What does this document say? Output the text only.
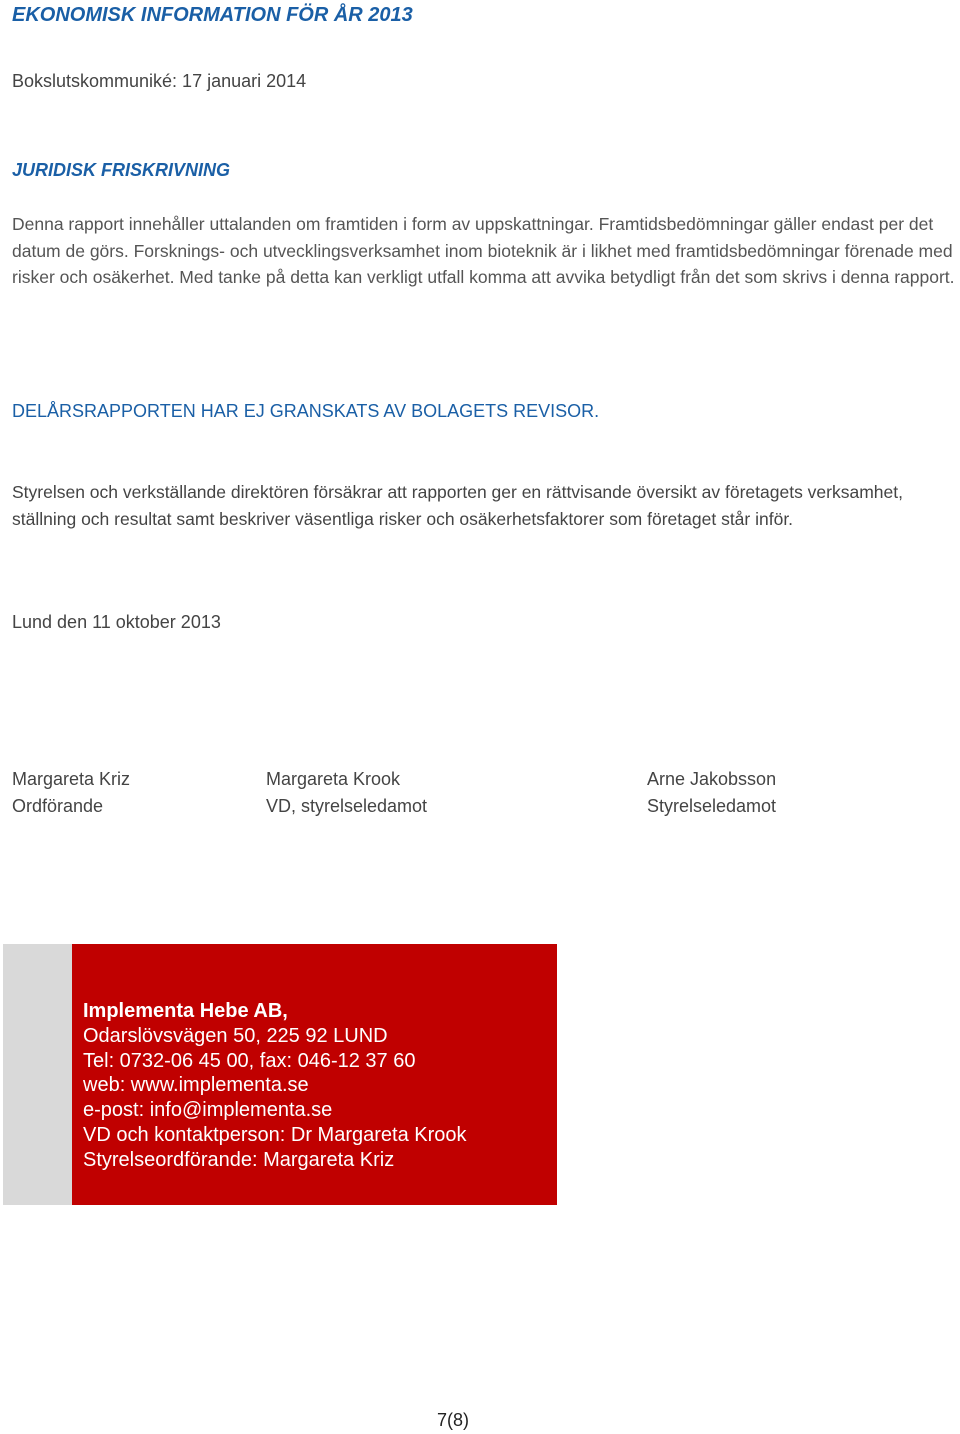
EKONOMISK INFORMATION FÖR ÅR 2013

Bokslutskommuniké: 17 januari 2014

JURIDISK FRISKRIVNING

Denna rapport innehåller uttalanden om framtiden i form av uppskattningar. Framtidsbedömningar gäller endast per det datum de görs. Forsknings- och utvecklingsverksamhet inom bioteknik är i likhet med framtidsbedömningar förenade med risker och osäkerhet. Med tanke på detta kan verkligt utfall komma att avvika betydligt från det som skrivs i denna rapport.

DELÅRSRAPPORTEN HAR EJ GRANSKATS AV BOLAGETS REVISOR.

Styrelsen och verkställande direktören försäkrar att rapporten ger en rättvisande översikt av företagets verksamhet, ställning och resultat samt beskriver väsentliga risker och osäkerhetsfaktorer som företaget står inför.

Lund den 11 oktober 2013

Margareta Kriz
Ordförande
Margareta Krook
VD, styrelseledamot
Arne Jakobsson
Styrelseledamot
Implementa Hebe AB,
Odarslövsvägen 50, 225 92 LUND
Tel: 0732-06 45 00, fax: 046-12 37 60
web: www.implementa.se
e-post: info@implementa.se
VD och kontaktperson: Dr Margareta Krook
Styrelseordförande: Margareta Kriz

7(8)
